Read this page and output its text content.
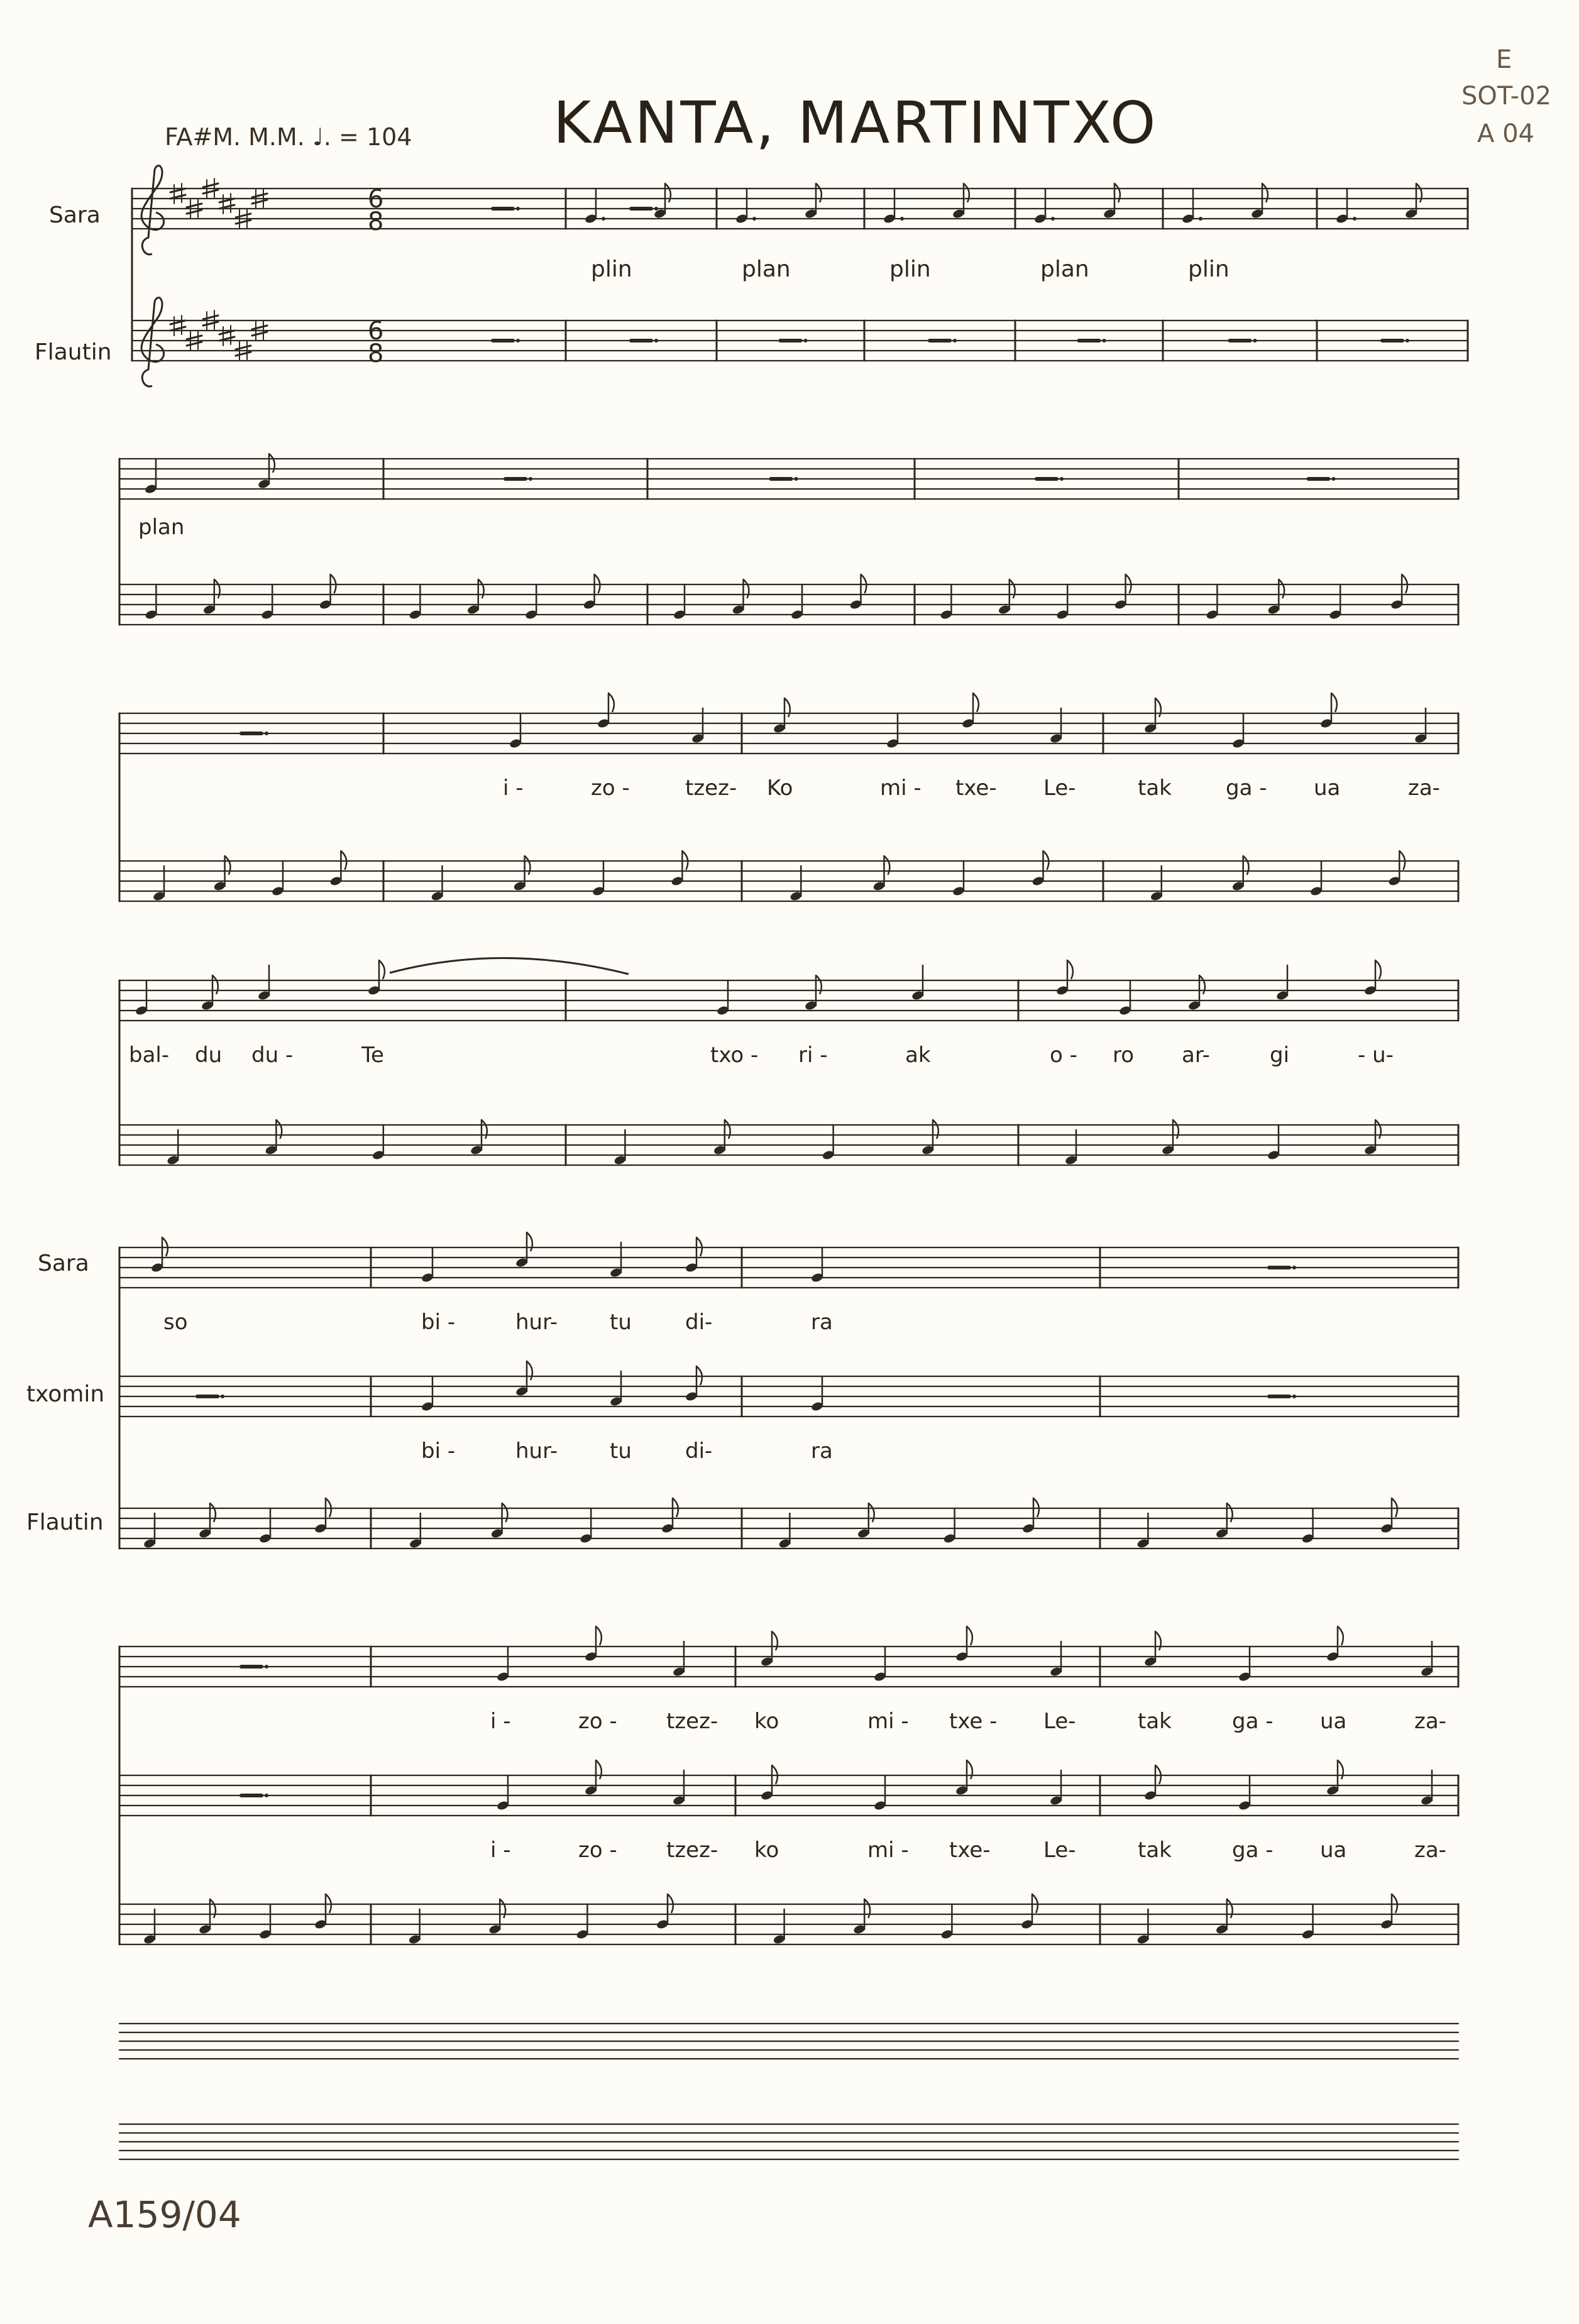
6
8
6
8
plin	plan	plin	plan	plin
plan
i -	zo -	tzez- Ko	mi - txe- Le-	tak	ga - ua	za-
bal- du du -	Te	txo - ri -	ak	o - ro ar-	gi	- u-
so	bi -	hur- tu	di-	ra
bi -	hur- tu	di-	ra
i -	zo - tzez- ko	mi - txe - Le-	tak	ga - ua	za-
i -	zo - tzez- ko	mi - txe- Le-	tak	ga - ua	za-
KANTA, MARTINTXO
FA#M. M.M. ♩. = 104
E
SOT-02
A 04
A159/04
Sara
Flautin
Sara
txomin
Flautin
